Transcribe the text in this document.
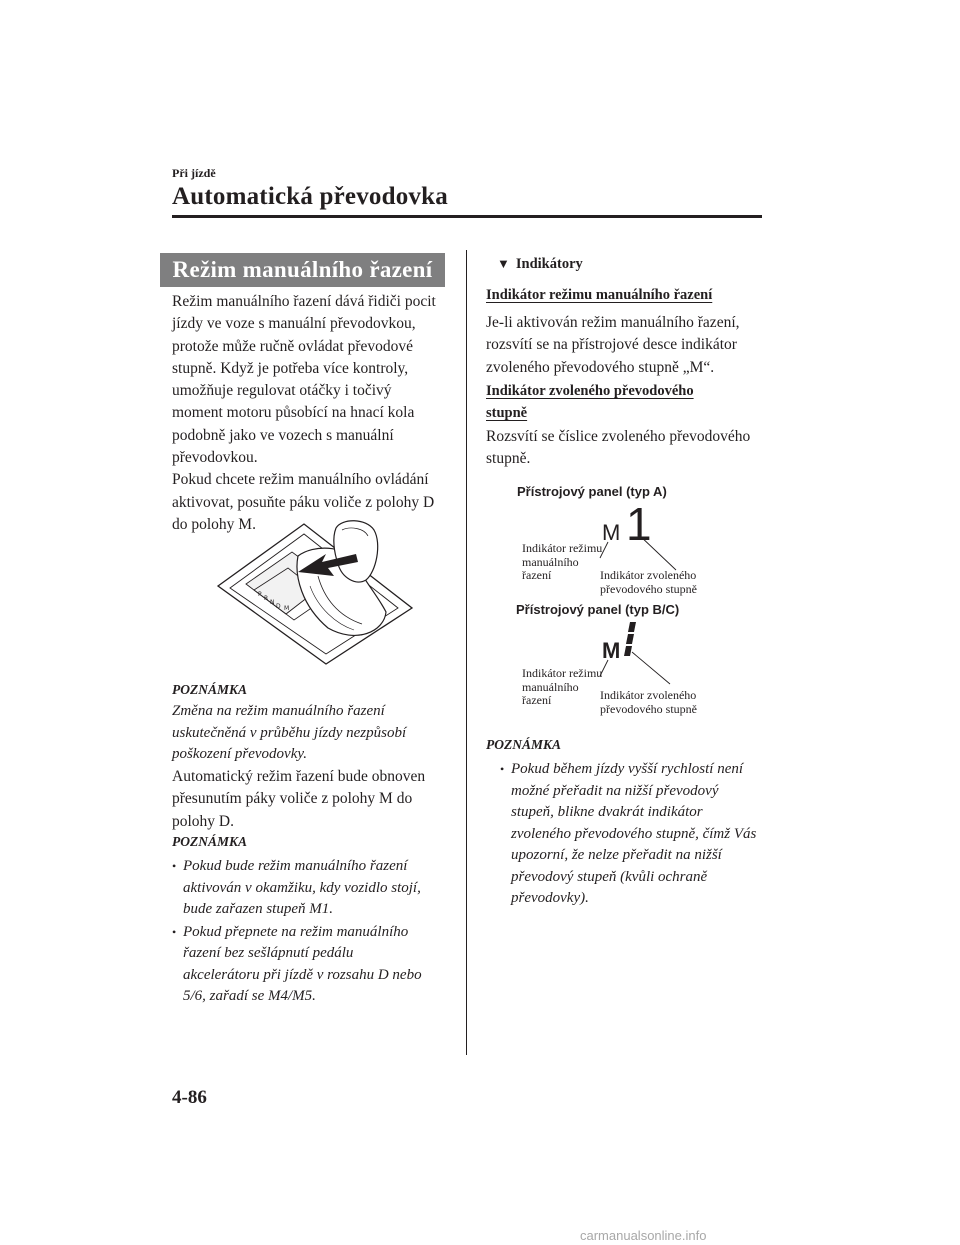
Při jízdě
Automatická převodovka
Režim manuálního řazení
Režim manuálního řazení dává řidiči pocit
jízdy ve voze s manuální převodovkou,
protože může ručně ovládat převodové
stupně. Když je potřeba více kontroly,
umožňuje regulovat otáčky i točivý
moment motoru působící na hnací kola
podobně jako ve vozech s manuální
převodovkou.
Pokud chcete režim manuálního ovládání
aktivovat, posuňte páku voliče z polohy D
do polohy M.
P
R
N
D M
POZNÁMKA
Změna na režim manuálního řazení
uskutečněná v průběhu jízdy nezpůsobí
poškození převodovky.
Automatický režim řazení bude obnoven
přesunutím páky voliče z polohy M do
polohy D.
POZNÁMKA
• Pokud bude režim manuálního řazení
aktivován v okamžiku, kdy vozidlo stojí,
bude zařazen stupeň M1.
• Pokud přepnete na režim manuálního
řazení bez sešlápnutí pedálu
akcelerátoru při jízdě v rozsahu D nebo
5/6, zařadí se M4/M5.
▼ Indikátory
Indikátor režimu manuálního řazení
Je-li aktivován režim manuálního řazení,
rozsvítí se na přístrojové desce indikátor
zvoleného převodového stupně „M“.
Indikátor zvoleného převodového
stupně
Rozsvítí se číslice zvoleného převodového
stupně.
Přístrojový panel (typ A)
M 1
Indikátor režimu
manuálního
řazení	Indikátor zvoleného
převodového stupně
Přístrojový panel (typ B/C)
M
Indikátor režimu
manuálního
řazení	Indikátor zvoleného
převodového stupně
POZNÁMKA
• Pokud během jízdy vyšší rychlostí není
možné přeřadit na nižší převodový
stupeň, blikne dvakrát indikátor
zvoleného převodového stupně, čímž Vás
upozorní, že nelze přeřadit na nižší
převodový stupeň (kvůli ochraně
převodovky).
4-86
carmanualsonline.info
